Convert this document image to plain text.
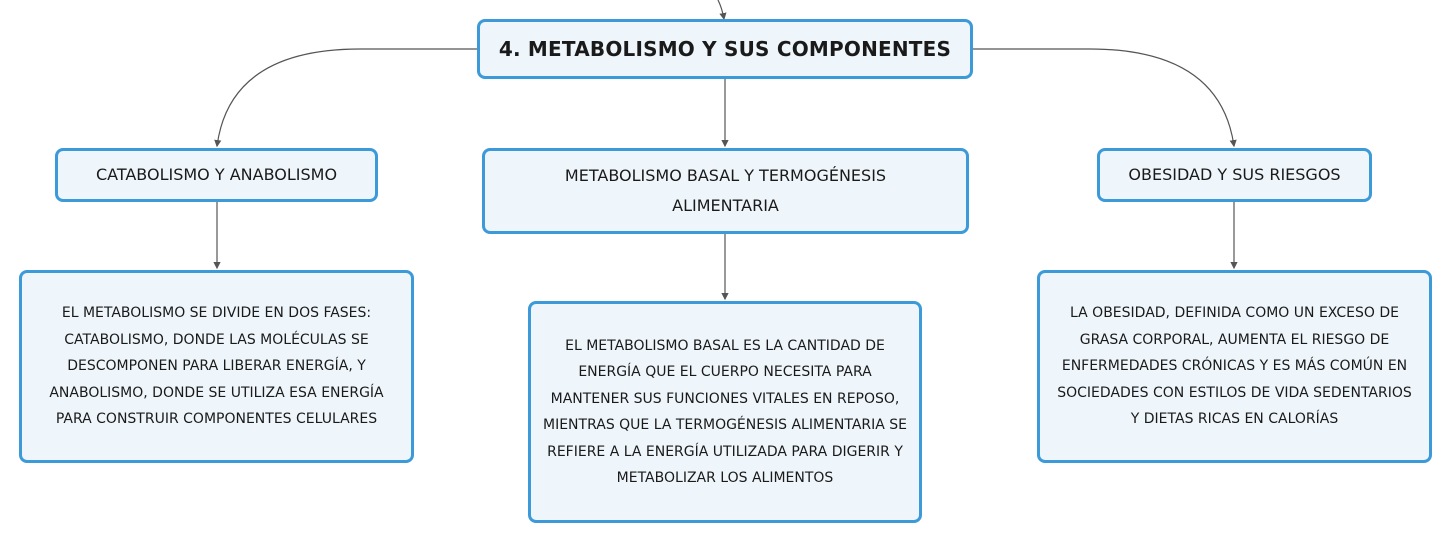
4. METABOLISMO Y SUS COMPONENTES
CATABOLISMO Y ANABOLISMO	METABOLISMO BASAL Y TERMOGÉNESIS ALIMENTARIA
OBESIDAD Y SUS RIESGOS
EL METABOLISMO SE DIVIDE EN DOS FASES: CATABOLISMO, DONDE LAS MOLÉCULAS SE DESCOMPONEN PARA LIBERAR ENERGÍA, Y ANABOLISMO, DONDE SE UTILIZA ESA ENERGÍA PARA CONSTRUIR COMPONENTES CELULARES
EL METABOLISMO BASAL ES LA CANTIDAD DE ENERGÍA QUE EL CUERPO NECESITA PARA MANTENER SUS FUNCIONES VITALES EN REPOSO, MIENTRAS QUE LA TERMOGÉNESIS ALIMENTARIA SE REFIERE A LA ENERGÍA UTILIZADA PARA DIGERIR Y METABOLIZAR LOS ALIMENTOS
LA OBESIDAD, DEFINIDA COMO UN EXCESO DE GRASA CORPORAL, AUMENTA EL RIESGO DE ENFERMEDADES CRÓNICAS Y ES MÁS COMÚN EN SOCIEDADES CON ESTILOS DE VIDA SEDENTARIOS Y DIETAS RICAS EN CALORÍAS
